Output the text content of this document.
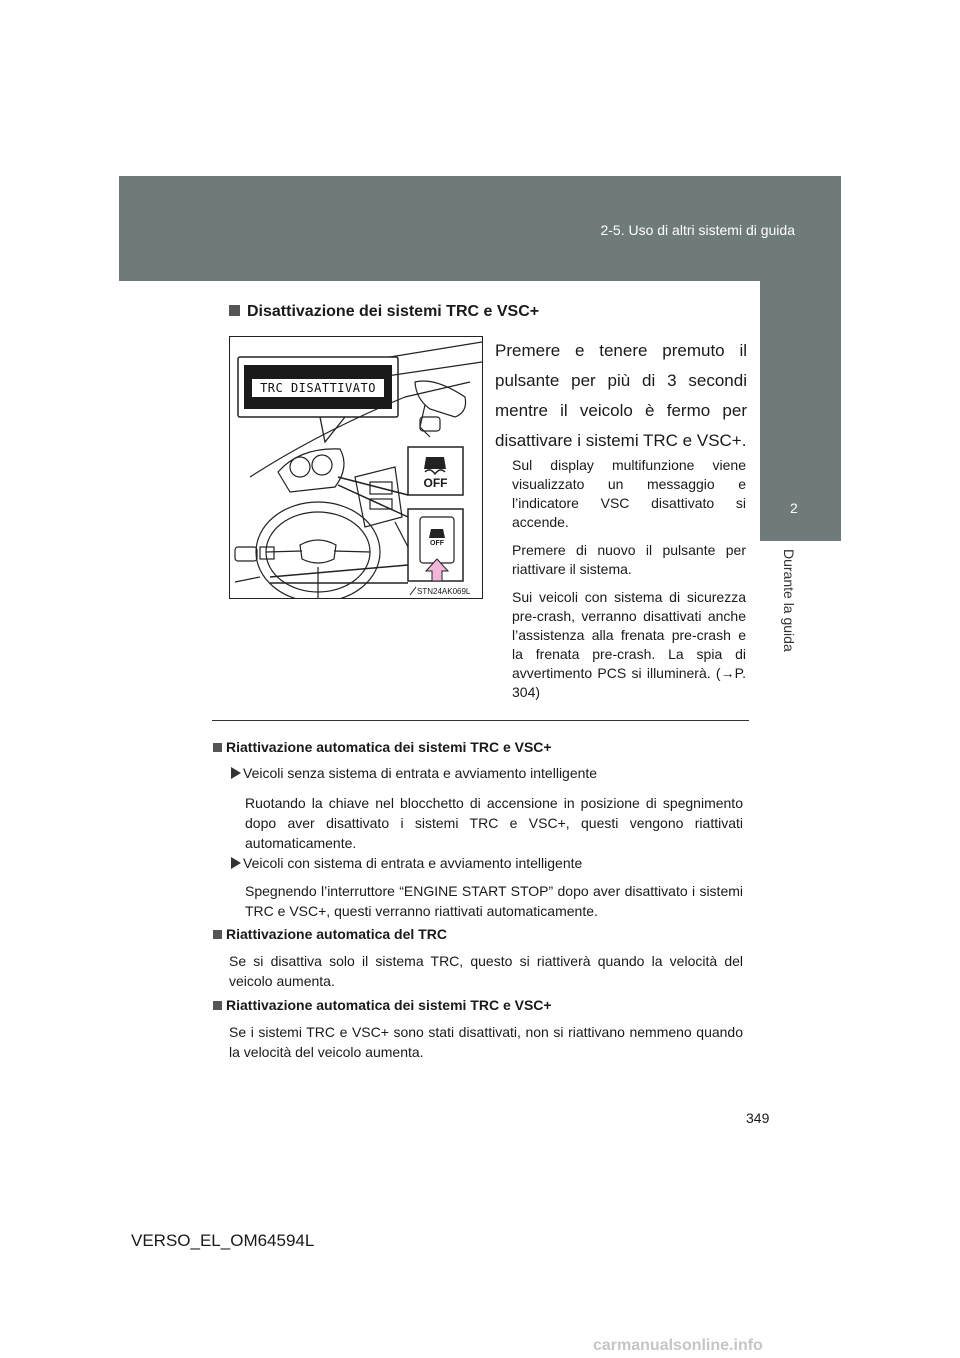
2-5. Uso di altri sistemi di guida
2
Durante la guida
Disattivazione dei sistemi TRC e VSC+
TRC DISATTIVATO
OFF
OFF
STN24AK069L
Premere e tenere premuto il pulsante per più di 3 secondi mentre il veicolo è fermo per disattivare i sistemi TRC e VSC+.
Sul display multifunzione viene visualizzato un messaggio e l’indicatore VSC disattivato si accende.
Premere di nuovo il pulsante per riattivare il sistema.
Sui veicoli con sistema di sicurezza pre-crash, verranno disattivati anche l’assistenza alla frenata pre-crash e la frenata pre-crash. La spia di avvertimento PCS si illuminerà. (→P. 304)
Riattivazione automatica dei sistemi TRC e VSC+
Veicoli senza sistema di entrata e avviamento intelligente
Ruotando la chiave nel blocchetto di accensione in posizione di spegnimento dopo aver disattivato i sistemi TRC e VSC+, questi vengono riattivati automaticamente.
Veicoli con sistema di entrata e avviamento intelligente
Spegnendo l’interruttore “ENGINE START STOP” dopo aver disattivato i sistemi TRC e VSC+, questi verranno riattivati automaticamente.
Riattivazione automatica del TRC
Se si disattiva solo il sistema TRC, questo si riattiverà quando la velocità del veicolo aumenta.
Riattivazione automatica dei sistemi TRC e VSC+
Se i sistemi TRC e VSC+ sono stati disattivati, non si riattivano nemmeno quando la velocità del veicolo aumenta.
349
VERSO_EL_OM64594L
carmanualsonline.info
